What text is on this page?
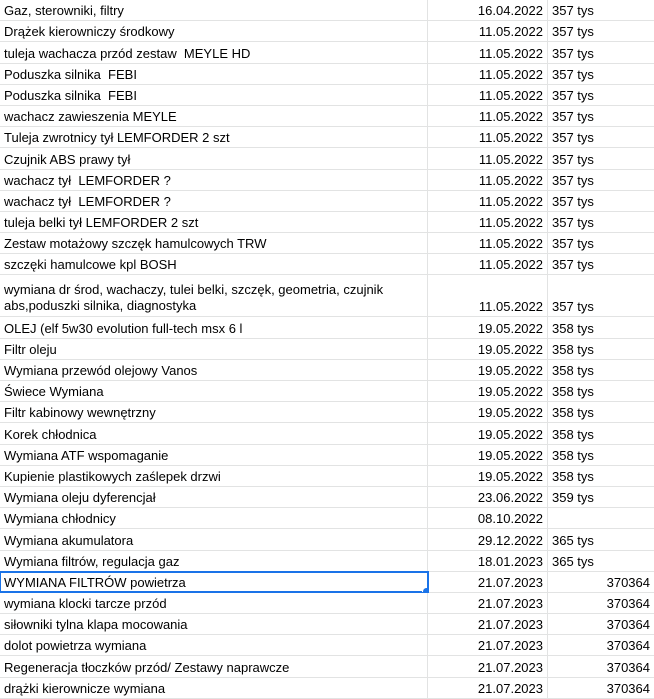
Gaz, sterowniki, filtry	16.04.2022 357 tys
Drążek kierowniczy środkowy	11.05.2022 357 tys
tuleja wachacza przód zestaw  MEYLE HD	11.05.2022 357 tys
Poduszka silnika  FEBI	11.05.2022 357 tys
Poduszka silnika  FEBI	11.05.2022 357 tys
wachacz zawieszenia MEYLE	11.05.2022 357 tys
Tuleja zwrotnicy tył LEMFORDER 2 szt	11.05.2022 357 tys
Czujnik ABS prawy tył	11.05.2022 357 tys
wachacz tył  LEMFORDER ?	11.05.2022 357 tys
wachacz tył  LEMFORDER ?	11.05.2022 357 tys
tuleja belki tył LEMFORDER 2 szt	11.05.2022 357 tys
Zestaw motażowy szczęk hamulcowych TRW	11.05.2022 357 tys
szczęki hamulcowe kpl BOSH	11.05.2022 357 tys
wymiana dr środ, wachaczy, tulei belki, szczęk, geometria, czujnik abs,poduszki silnika, diagnostyka	11.05.2022 357 tys
OLEJ (elf 5w30 evolution full-tech msx 6 l	19.05.2022 358 tys
Filtr oleju	19.05.2022 358 tys
Wymiana przewód olejowy Vanos	19.05.2022 358 tys
Świece Wymiana	19.05.2022 358 tys
Filtr kabinowy wewnętrzny	19.05.2022 358 tys
Korek chłodnica	19.05.2022 358 tys
Wymiana ATF wspomaganie	19.05.2022 358 tys
Kupienie plastikowych zaślepek drzwi	19.05.2022 358 tys
Wymiana oleju dyferencjał	23.06.2022 359 tys
Wymiana chłodnicy	08.10.2022
Wymiana akumulatora	29.12.2022 365 tys
Wymiana filtrów, regulacja gaz	18.01.2023 365 tys
WYMIANA FILTRÓW powietrza	21.07.2023	370364
wymiana klocki tarcze przód	21.07.2023	370364
siłowniki tylna klapa mocowania	21.07.2023	370364
dolot powietrza wymiana	21.07.2023	370364
Regeneracja tłoczków przód/ Zestawy naprawcze	21.07.2023	370364
drążki kierownicze wymiana	21.07.2023	370364
